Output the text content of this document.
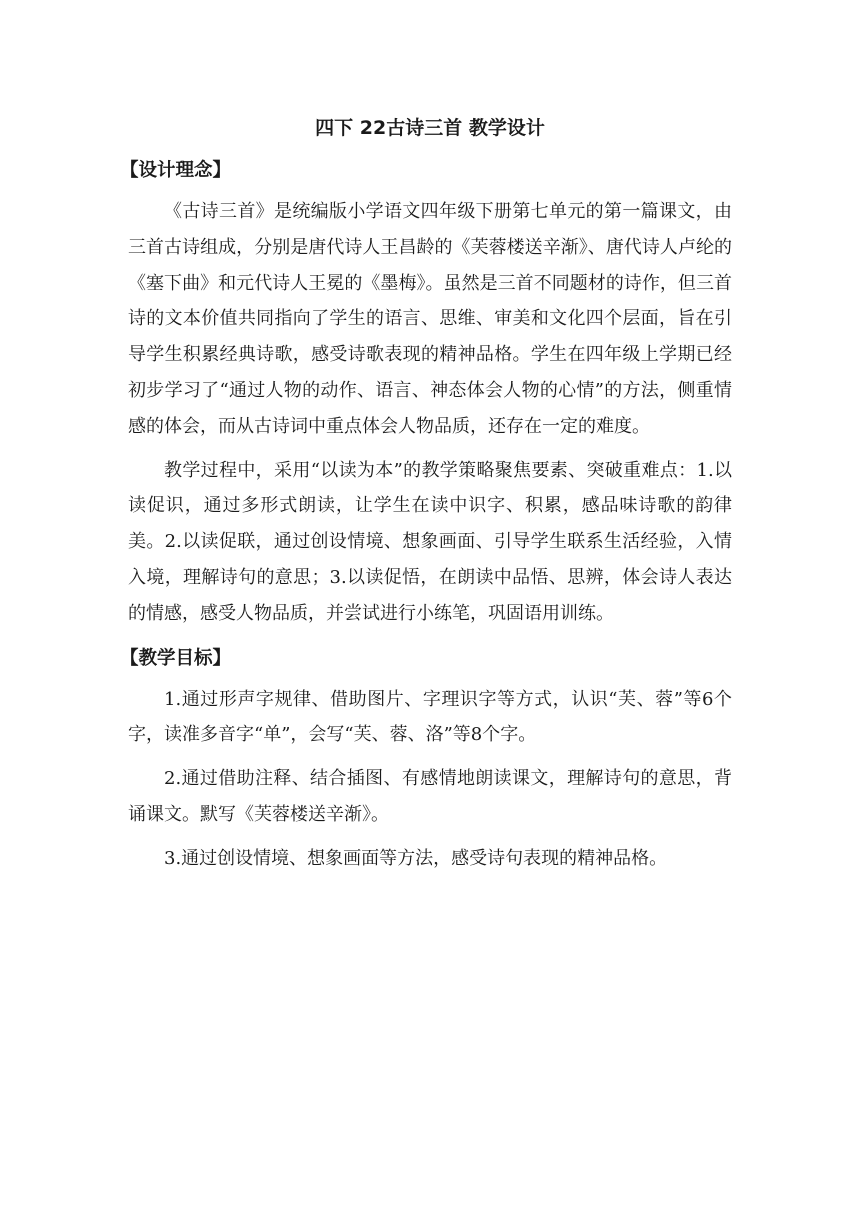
四下 22古诗三首 教学设计
【设计理念】

《古诗三首》是统编版小学语文四年级下册第七单元的第一篇课文，由三首古诗组成，分别是唐代诗人王昌龄的《芙蓉楼送辛渐》、唐代诗人卢纶的《塞下曲》和元代诗人王冕的《墨梅》。虽然是三首不同题材的诗作，但三首诗的文本价值共同指向了学生的语言、思维、审美和文化四个层面，旨在引导学生积累经典诗歌，感受诗歌表现的精神品格。学生在四年级上学期已经初步学习了“通过人物的动作、语言、神态体会人物的心情”的方法，侧重情感的体会，而从古诗词中重点体会人物品质，还存在一定的难度。

教学过程中，采用“以读为本”的教学策略聚焦要素、突破重难点：1.以读促识，通过多形式朗读，让学生在读中识字、积累，感品味诗歌的韵律美。2.以读促联，通过创设情境、想象画面、引导学生联系生活经验，入情入境，理解诗句的意思；3.以读促悟，在朗读中品悟、思辨，体会诗人表达的情感，感受人物品质，并尝试进行小练笔，巩固语用训练。

【教学目标】

1.通过形声字规律、借助图片、字理识字等方式，认识“芙、蓉”等6个字，读准多音字“单”，会写“芙、蓉、洛”等8个字。

2.通过借助注释、结合插图、有感情地朗读课文，理解诗句的意思，背诵课文。默写《芙蓉楼送辛渐》。

3.通过创设情境、想象画面等方法，感受诗句表现的精神品格。
